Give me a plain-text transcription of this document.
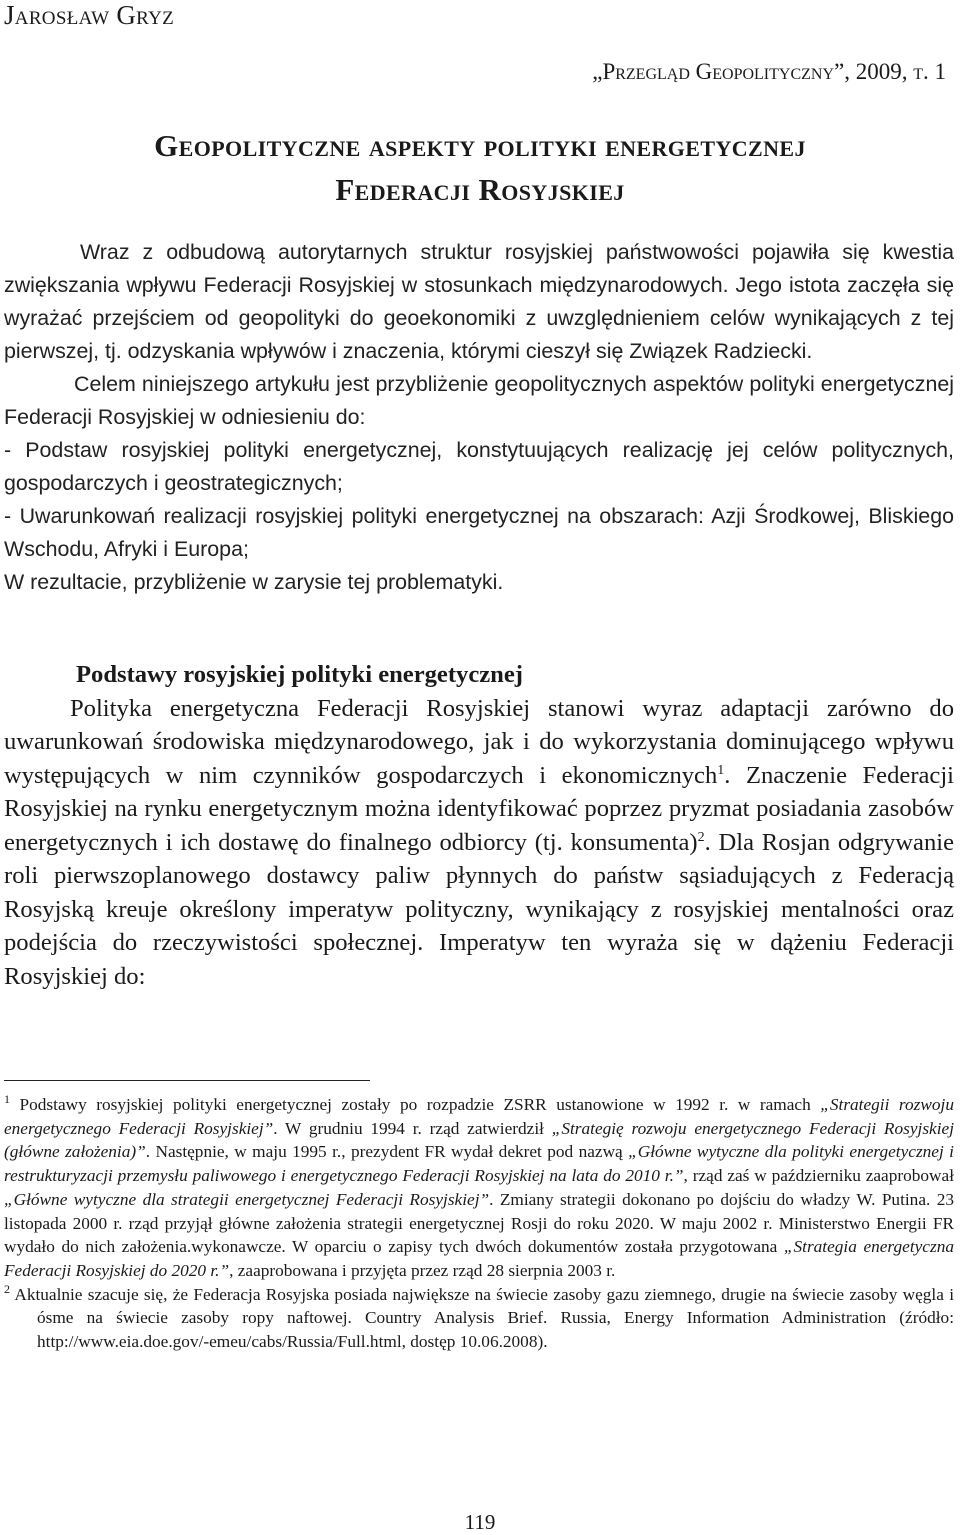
Jarosław Gryz
„Przegląd Geopolityczny”, 2009, t. 1
Geopolityczne aspekty polityki energetycznej
Federacji Rosyjskiej

Wraz z odbudową autorytarnych struktur rosyjskiej państwowości pojawiła się kwestia zwiększania wpływu Federacji Rosyjskiej w stosunkach międzynarodowych. Jego istota zaczęła się wyrażać przejściem od geopolityki do geoekonomiki z uwzględnieniem celów wynikających z tej pierwszej, tj. odzyskania wpływów i znaczenia, którymi cieszył się Związek Radziecki.

Celem niniejszego artykułu jest przybliżenie geopolitycznych aspektów polityki energetycznej Federacji Rosyjskiej w odniesieniu do:

- Podstaw rosyjskiej polityki energetycznej, konstytuujących realizację jej celów politycznych, gospodarczych i geostrategicznych;

- Uwarunkowań realizacji rosyjskiej polityki energetycznej na obszarach: Azji Środkowej, Bliskiego Wschodu, Afryki i Europa;

W rezultacie, przybliżenie w zarysie tej problematyki.

Podstawy rosyjskiej polityki energetycznej

Polityka energetyczna Federacji Rosyjskiej stanowi wyraz adaptacji zarówno do uwarunkowań środowiska międzynarodowego, jak i do wykorzystania dominującego wpływu występujących w nim czynników gospodarczych i ekonomicznych$^1$. Znaczenie Federacji Rosyjskiej na rynku energetycznym można identyfikować poprzez pryzmat posiadania zasobów energetycznych i ich dostawę do finalnego odbiorcy (tj. konsumenta)$^2$. Dla Rosjan odgrywanie roli pierwszoplanowego dostawcy paliw płynnych do państw sąsiadujących z Federacją Rosyjską kreuje określony imperatyw polityczny, wynikający z rosyjskiej mentalności oraz podejścia do rzeczywistości społecznej. Imperatyw ten wyraża się w dążeniu Federacji Rosyjskiej do:

$^1$ Podstawy rosyjskiej polityki energetycznej zostały po rozpadzie ZSRR ustanowione w 1992 r. w ramach „Strategii rozwoju energetycznego Federacji Rosyjskiej”. W grudniu 1994 r. rząd zatwierdził „Strategię rozwoju energetycznego Federacji Rosyjskiej (główne założenia)”. Następnie, w maju 1995 r., prezydent FR wydał dekret pod nazwą „Główne wytyczne dla polityki energetycznej i restrukturyzacji przemysłu paliwowego i energetycznego Federacji Rosyjskiej na lata do 2010 r.”, rząd zaś w październiku zaaprobował „Główne wytyczne dla strategii energetycznej Federacji Rosyjskiej”. Zmiany strategii dokonano po dojściu do władzy W. Putina. 23 listopada 2000 r. rząd przyjął główne założenia strategii energetycznej Rosji do roku 2020. W maju 2002 r. Ministerstwo Energii FR wydało do nich założenia.wykonawcze. W oparciu o zapisy tych dwóch dokumentów została przygotowana „Strategia energetyczna Federacji Rosyjskiej do 2020 r.”, zaaprobowana i przyjęta przez rząd 28 sierpnia 2003 r.

$^2$ Aktualnie szacuje się, że Federacja Rosyjska posiada największe na świecie zasoby gazu ziemnego, drugie na świecie zasoby węgla i ósme na świecie zasoby ropy naftowej. Country Analysis Brief. Russia, Energy Information Administration (źródło: http://www.eia.doe.gov/-emeu/cabs/Russia/Full.html, dostęp 10.06.2008).

119
